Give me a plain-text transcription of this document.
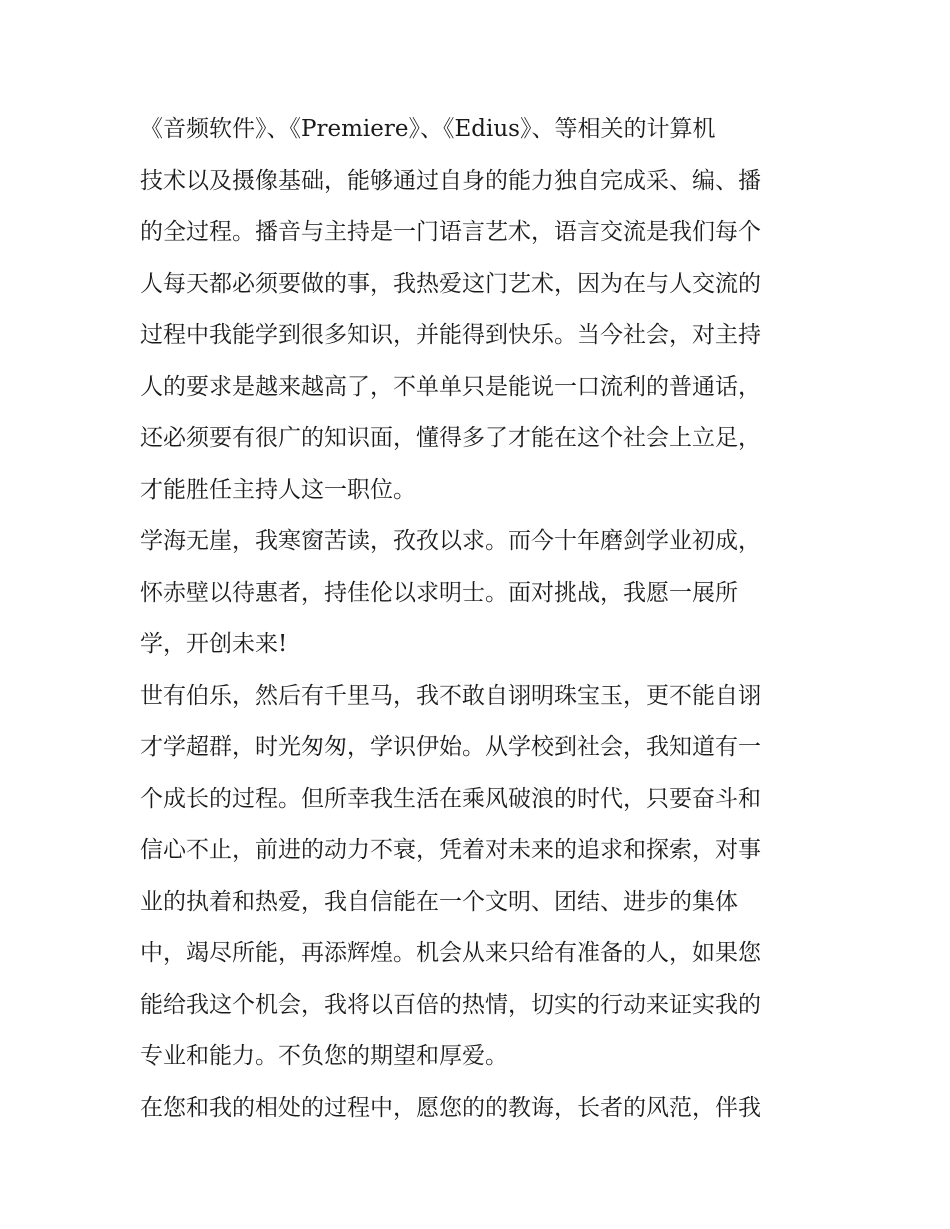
《音频软件》、《Premiere》、《Edius》、等相关的计算机
技术以及摄像基础，能够通过自身的能力独自完成采、编、播
的全过程。播音与主持是一门语言艺术，语言交流是我们每个
人每天都必须要做的事，我热爱这门艺术，因为在与人交流的
过程中我能学到很多知识，并能得到快乐。当今社会，对主持
人的要求是越来越高了，不单单只是能说一口流利的普通话，
还必须要有很广的知识面，懂得多了才能在这个社会上立足，
才能胜任主持人这一职位。
学海无崖，我寒窗苦读，孜孜以求。而今十年磨剑学业初成，
怀赤壁以待惠者，持佳伦以求明士。面对挑战，我愿一展所
学，开创未来!
世有伯乐，然后有千里马，我不敢自诩明珠宝玉，更不能自诩
才学超群，时光匆匆，学识伊始。从学校到社会，我知道有一
个成长的过程。但所幸我生活在乘风破浪的时代，只要奋斗和
信心不止，前进的动力不衰，凭着对未来的追求和探索，对事
业的执着和热爱，我自信能在一个文明、团结、进步的集体
中，竭尽所能，再添辉煌。机会从来只给有准备的人，如果您
能给我这个机会，我将以百倍的热情，切实的行动来证实我的
专业和能力。不负您的期望和厚爱。
在您和我的相处的过程中，愿您的的教诲，长者的风范，伴我
